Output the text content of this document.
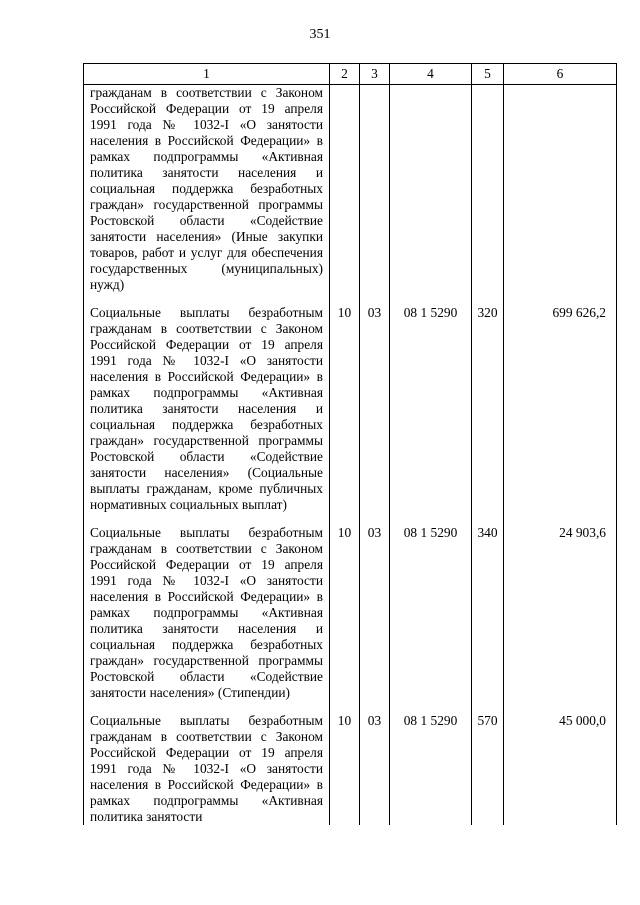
351
1	2	3	4	5	6
гражданам в соответствии с Законом Российской Федерации от 19 апреля 1991 года № 1032-I «О занятости населения в Российской Федерации» в рамках подпрограммы «Активная политика занятости населения и социальная поддержка безработных граждан» государственной программы Ростовской области «Содействие занятости населения» (Иные закупки товаров, работ и услуг для обеспечения государственных (муниципальных) нужд)					
Социальные выплаты безработным гражданам в соответствии с Законом Российской Федерации от 19 апреля 1991 года № 1032-I «О занятости населения в Российской Федерации» в рамках подпрограммы «Активная политика занятости населения и социальная поддержка безработных граждан» государственной программы Ростовской области «Содействие занятости населения» (Социальные выплаты гражданам, кроме публичных нормативных социальных выплат)	10	03	08 1 5290	320	699 626,2
Социальные выплаты безработным гражданам в соответствии с Законом Российской Федерации от 19 апреля 1991 года № 1032-I «О занятости населения в Российской Федерации» в рамках подпрограммы «Активная политика занятости населения и социальная поддержка безработных граждан» государственной программы Ростовской области «Содействие занятости населения» (Стипендии)	10	03	08 1 5290	340	24 903,6
Социальные выплаты безработным гражданам в соответствии с Законом Российской Федерации от 19 апреля 1991 года № 1032-I «О занятости населения в Российской Федерации» в рамках подпрограммы «Активная политика занятости	10	03	08 1 5290	570	45 000,0
